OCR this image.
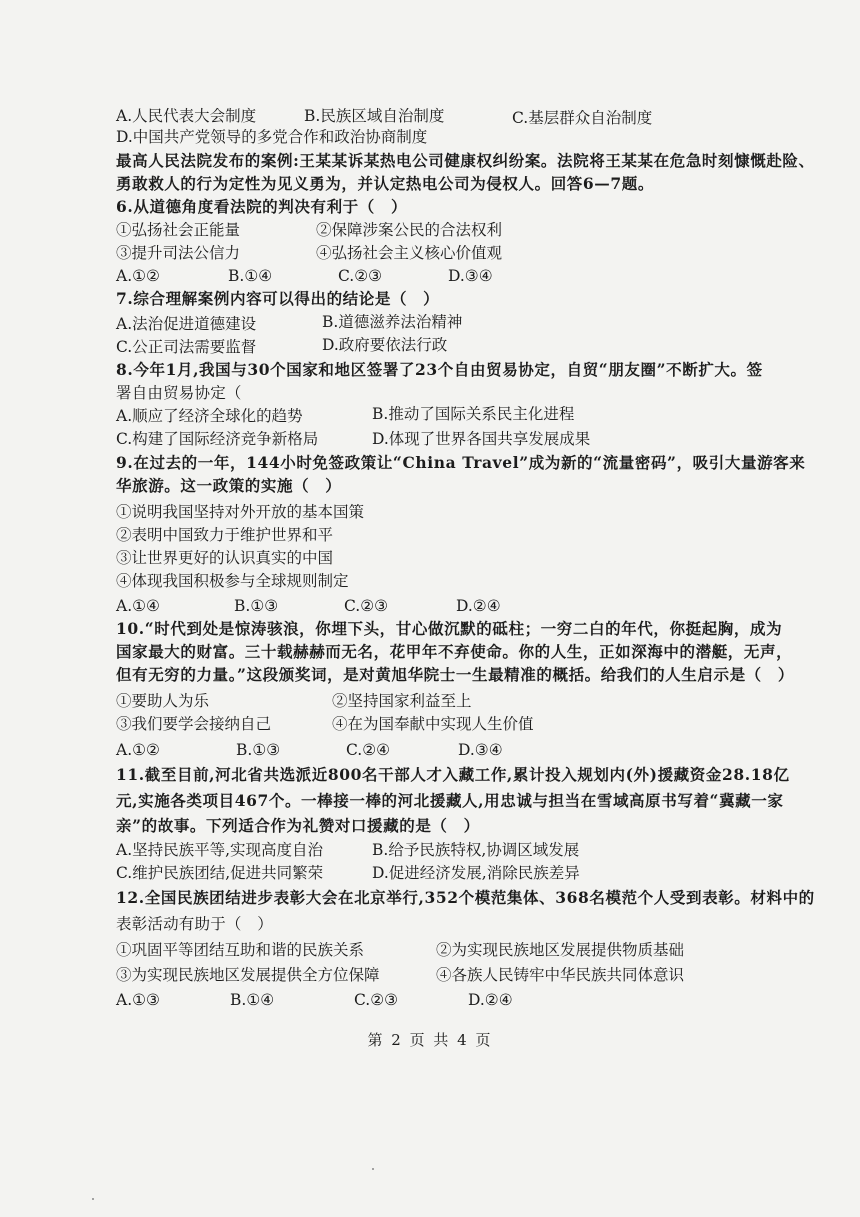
A.人民代表大会制度	B.民族区域自治制度	C.基层群众自治制度
D.中国共产党领导的多党合作和政治协商制度
最高人民法院发布的案例:王某某诉某热电公司健康权纠纷案。法院将王某某在危急时刻慷慨赴险、
勇敢救人的行为定性为见义勇为，并认定热电公司为侵权人。回答6—7题。
6.从道德角度看法院的判决有利于（　）
①弘扬社会正能量	②保障涉案公民的合法权利
③提升司法公信力	④弘扬社会主义核心价值观
A.①②	B.①④	C.②③	D.③④
7.综合理解案例内容可以得出的结论是（　）
A.法治促进道德建设	B.道德滋养法治精神
C.公正司法需要监督	D.政府要依法行政
8.今年1月,我国与30个国家和地区签署了23个自由贸易协定，自贸“朋友圈”不断扩大。签
署自由贸易协定（
A.顺应了经济全球化的趋势	B.推动了国际关系民主化进程
C.构建了国际经济竞争新格局	D.体现了世界各国共享发展成果
9.在过去的一年，144小时免签政策让“China Travel”成为新的“流量密码”，吸引大量游客来
华旅游。这一政策的实施（　）
①说明我国坚持对外开放的基本国策
②表明中国致力于维护世界和平
③让世界更好的认识真实的中国
④体现我国积极参与全球规则制定
A.①④	B.①③	C.②③	D.②④
10.“时代到处是惊涛骇浪，你埋下头，甘心做沉默的砥柱；一穷二白的年代，你挺起胸，成为
国家最大的财富。三十载赫赫而无名，花甲年不弃使命。你的人生，正如深海中的潜艇，无声，
但有无穷的力量。”这段颁奖词，是对黄旭华院士一生最精准的概括。给我们的人生启示是（　）
①要助人为乐	②坚持国家利益至上
③我们要学会接纳自己	④在为国奉献中实现人生价值
A.①②	B.①③	C.②④	D.③④
11.截至目前,河北省共选派近800名干部人才入藏工作,累计投入规划内(外)援藏资金28.18亿
元,实施各类项目467个。一棒接一棒的河北援藏人,用忠诚与担当在雪域高原书写着“冀藏一家
亲”的故事。下列适合作为礼赞对口援藏的是（　）
A.坚持民族平等,实现高度自治	B.给予民族特权,协调区域发展
C.维护民族团结,促进共同繁荣	D.促进经济发展,消除民族差异
12.全国民族团结进步表彰大会在北京举行,352个模范集体、368名模范个人受到表彰。材料中的
表彰活动有助于（　）
①巩固平等团结互助和谐的民族关系	②为实现民族地区发展提供物质基础
③为实现民族地区发展提供全方位保障	④各族人民铸牢中华民族共同体意识
A.①③	B.①④	C.②③	D.②④
第 2 页 共 4 页
